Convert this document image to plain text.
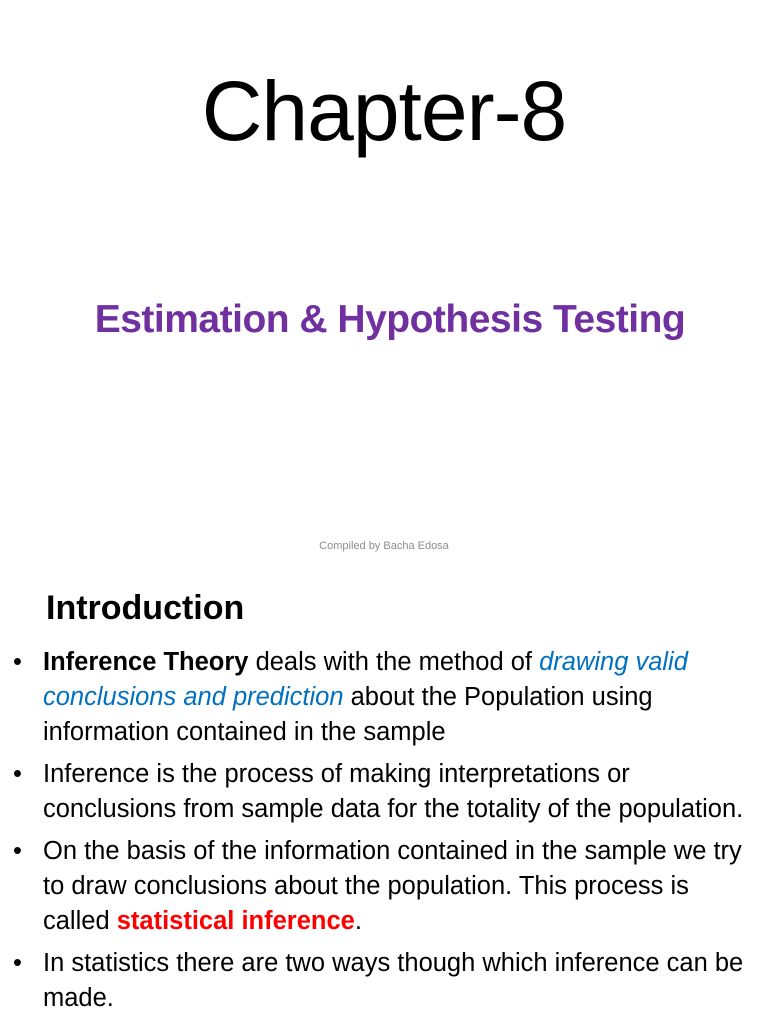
Chapter-8
Estimation & Hypothesis Testing
Compiled by Bacha Edosa
Introduction
• Inference Theory deals with the method of drawing valid conclusions and prediction about the Population using information contained in the sample
• Inference is the process of making interpretations or conclusions from sample data for the totality of the population.
• On the basis of the information contained in the sample we try to draw conclusions about the population. This process is called statistical inference.
• In statistics there are two ways though which inference can be made.
